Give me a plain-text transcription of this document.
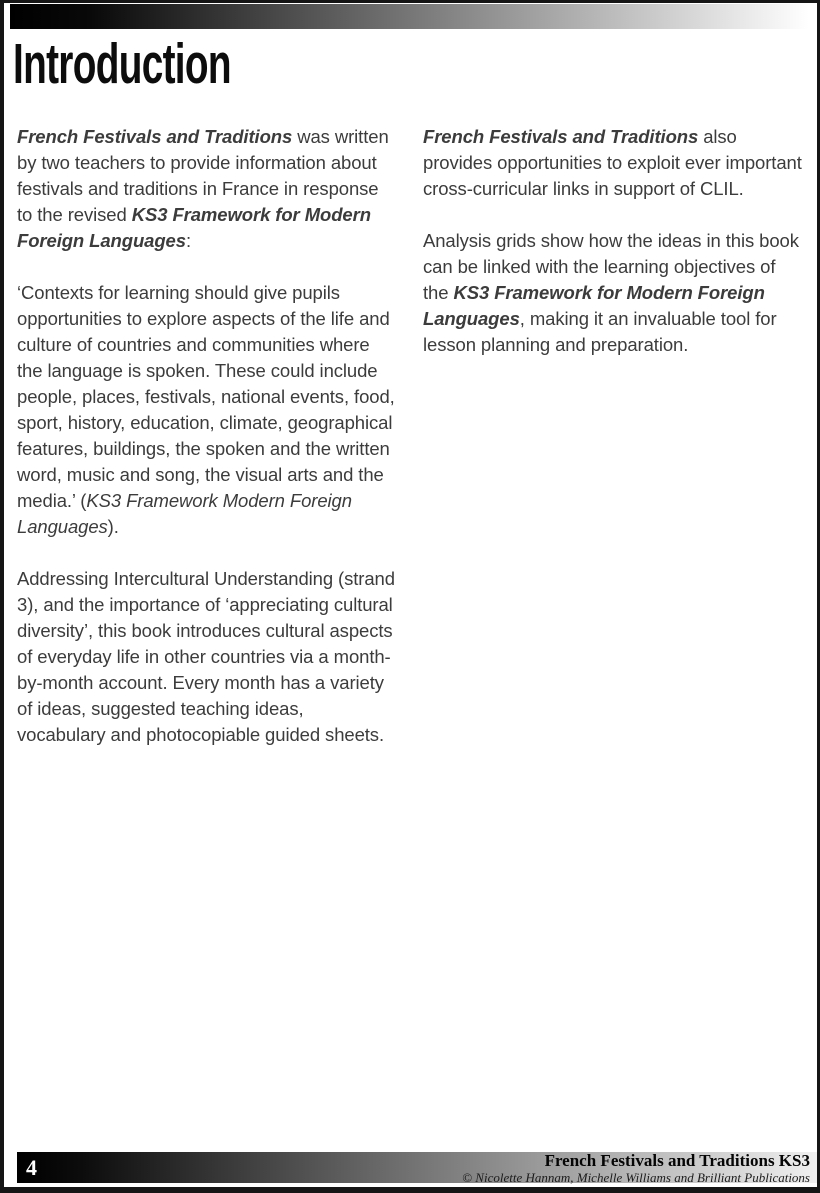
Introduction

French Festivals and Traditions was written by two teachers to provide information about festivals and traditions in France in response to the revised KS3 Framework for Modern Foreign Languages:

‘Contexts for learning should give pupils opportunities to explore aspects of the life and culture of countries and communities where the language is spoken. These could include people, places, festivals, national events, food, sport, history, education, climate, geographical features, buildings, the spoken and the written word, music and song, the visual arts and the media.’ (KS3 Framework Modern Foreign Languages).

Addressing Intercultural Understanding (strand 3), and the importance of ‘appreciating cultural diversity’, this book introduces cultural aspects of everyday life in other countries via a month-by-month account. Every month has a variety of ideas, suggested teaching ideas, vocabulary and photocopiable guided sheets.

French Festivals and Traditions also provides opportunities to exploit ever important cross-curricular links in support of CLIL.

Analysis grids show how the ideas in this book can be linked with the learning objectives of the KS3 Framework for Modern Foreign Languages, making it an invaluable tool for lesson planning and preparation.

4	French Festivals and Traditions KS3
© Nicolette Hannam, Michelle Williams and Brilliant Publications
